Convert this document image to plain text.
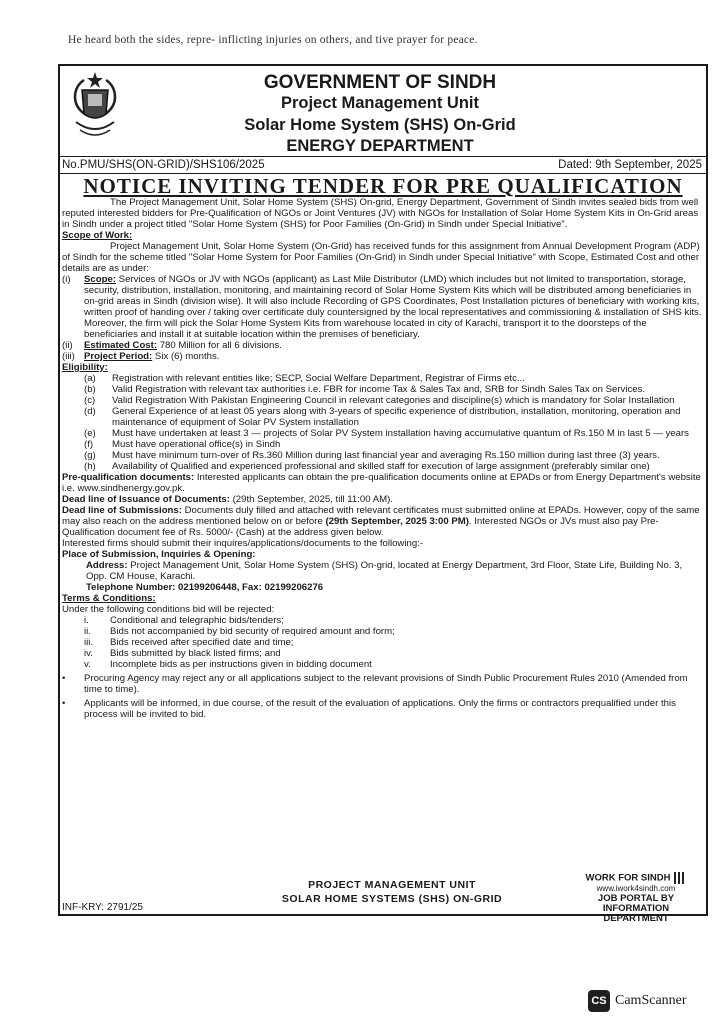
He heard both the sides, repre- inflicting injuries on others, and tive prayer for peace.
GOVERNMENT OF SINDH
Project Management Unit
Solar Home System (SHS) On-Grid
ENERGY DEPARTMENT
No.PMU/SHS(ON-GRID)/SHS106/2025	Dated: 9th September, 2025
NOTICE INVITING TENDER FOR PRE QUALIFICATION

The Project Management Unit, Solar Home System (SHS) On-grid, Energy Department, Government of Sindh invites sealed bids from well reputed interested bidders for Pre-Qualification of NGOs or Joint Ventures (JV) with NGOs for Installation of Solar Home System Kits in On-Grid areas in Sindh under a project titled "Solar Home System (SHS) for Poor Families (On-Grid) in Sindh under Special Initiative".

Scope of Work:

Project Management Unit, Solar Home System (On-Grid) has received funds for this assignment from Annual Development Program (ADP) of Sindh for the scheme titled "Solar Home System for Poor Families (On-Grid) in Sindh under Special Initiative" with Scope, Estimated Cost and other details are as under:

(i)	Scope: Services of NGOs or JV with NGOs (applicant) as Last Mile Distributor (LMD) which includes but not limited to transportation, storage, security, distribution, installation, monitoring, and maintaining record of Solar Home System Kits which will be distributed among beneficiaries in on-grid areas in Sindh (division wise). It will also include Recording of GPS Coordinates, Post Installation pictures of beneficiary with working kits, written proof of handing over / taking over certificate duly countersigned by the local representatives and commissioning & installation of SHS kits. Moreover, the firm will pick the Solar Home System Kits from warehouse located in city of Karachi, transport it to the doorsteps of the beneficiaries and install it at suitable location within the premises of beneficiary.
(ii)	Estimated Cost: 780 Million for all 6 divisions.
(iii) Project Period: Six (6) months.

Eligibility:

(a)	Registration with relevant entities like; SECP, Social Welfare Department, Registrar of Firms etc...
(b)	Valid Registration with relevant tax authorities i.e. FBR for income Tax & Sales Tax and, SRB for Sindh Sales Tax on Services.
(c)	Valid Registration With Pakistan Engineering Council in relevant categories and discipline(s) which is mandatory for Solar Installation
(d)	General Experience of at least 05 years along with 3-years of specific experience of distribution, installation, monitoring, operation and maintenance of equipment of Solar PV System installation
(e)	Must have undertaken at least 3 — projects of Solar PV System installation having accumulative quantum of Rs.150 M in last 5 — years
(f)	Must have operational office(s) in Sindh
(g)	Must have minimum turn-over of Rs.360 Million during last financial year and averaging Rs.150 million during last three (3) years.
(h)	Availability of Qualified and experienced professional and skilled staff for execution of large assignment (preferably similar one)

Pre-qualification documents: Interested applicants can obtain the pre-qualification documents online at EPADs or from Energy Department's website i.e. www.sindhenergy.gov.pk.

Dead line of Issuance of Documents: (29th September, 2025, till 11:00 AM).

Dead line of Submissions: Documents duly filled and attached with relevant certificates must submitted online at EPADs. However, copy of the same may also reach on the address mentioned below on or before (29th September, 2025 3:00 PM). Interested NGOs or JVs must also pay Pre-Qualification document fee of Rs. 5000/- (Cash) at the address given below.

Interested firms should submit their inquires/applications/documents to the following:-

Place of Submission, Inquiries & Opening:

Address: Project Management Unit, Solar Home System (SHS) On-grid, located at Energy Department, 3rd Floor, State Life, Building No. 3, Opp. CM House, Karachi.

Telephone Number: 02199206448, Fax: 02199206276

Terms & Conditions:

Under the following conditions bid will be rejected:

i.	Conditional and telegraphic bids/tenders;
ii.	Bids not accompanied by bid security of required amount and form;
iii.	Bids received after specified date and time;
iv.	Bids submitted by black listed firms; and
v.	Incomplete bids as per instructions given in bidding document
•	Procuring Agency may reject any or all applications subject to the relevant provisions of Sindh Public Procurement Rules 2010 (Amended from time to time).
•	Applicants will be informed, in due course, of the result of the evaluation of applications. Only the firms or contractors prequalified under this process will be invited to bid.
INF-KRY: 2791/25
PROJECT MANAGEMENT UNIT
SOLAR HOME SYSTEMS (SHS) ON-GRID
WORK FOR SINDH
www.iwork4sindh.com
JOB PORTAL BY
INFORMATION DEPARTMENT
CS CamScanner
